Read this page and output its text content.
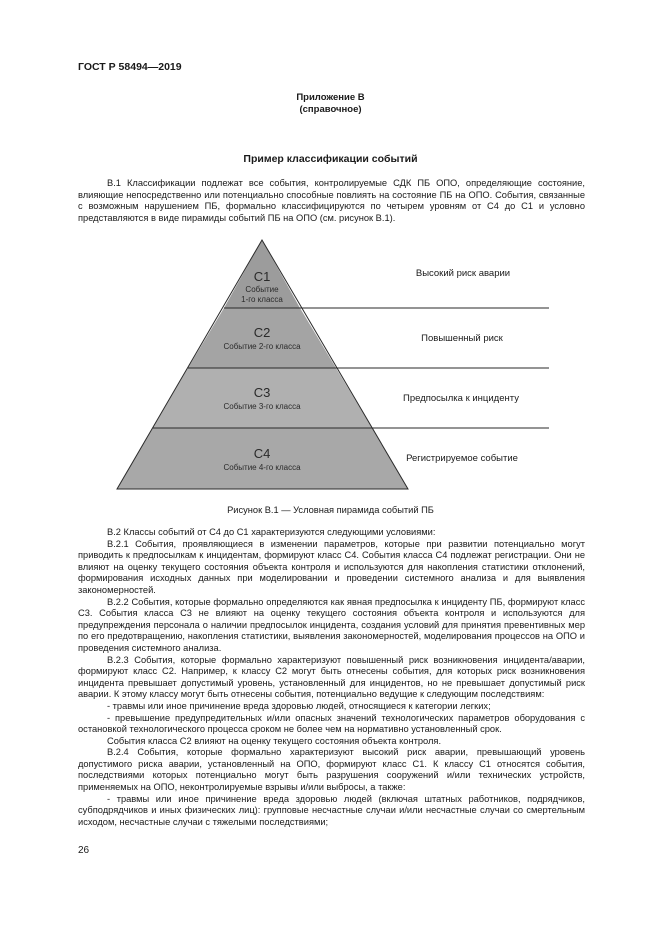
ГОСТ Р 58494—2019
Приложение В
(справочное)
Пример классификации событий

В.1 Классификации подлежат все события, контролируемые СДК ПБ ОПО, определяющие состояние, влияющие непосредственно или потенциально способные повлиять на состояние ПБ на ОПО. События, связанные с возможным нарушением ПБ, формально классифицируются по четырем уровням от С4 до С1 и условно представляются в виде пирамиды событий ПБ на ОПО (см. рисунок В.1).

С1
Событие
1-го класса
С2
Событие 2-го класса
С3
Событие 3-го класса
С4
Событие 4-го класса
Высокий риск аварии
Повышенный риск
Предпосылка к инциденту
Регистрируемое событие
Рисунок В.1 — Условная пирамида событий ПБ

В.2 Классы событий от С4 до С1 характеризуются следующими условиями:

В.2.1 События, проявляющиеся в изменении параметров, которые при развитии потенциально могут приводить к предпосылкам к инцидентам, формируют класс С4. События класса С4 подлежат регистрации. Они не влияют на оценку текущего состояния объекта контроля и используются для накопления статистики отклонений, формирования исходных данных при моделировании и проведении системного анализа и для выявления закономерностей.

В.2.2 События, которые формально определяются как явная предпосылка к инциденту ПБ, формируют класс С3. События класса С3 не влияют на оценку текущего состояния объекта контроля и используются для предупреждения персонала о наличии предпосылок инцидента, создания условий для принятия превентивных мер по его предотвращению, накопления статистики, выявления закономерностей, моделирования процессов на ОПО и проведения системного анализа.

В.2.3 События, которые формально характеризуют повышенный риск возникновения инцидента/аварии, формируют класс С2. Например, к классу С2 могут быть отнесены события, для которых риск возникновения инцидента превышает допустимый уровень, установленный для инцидентов, но не превышает допустимый риск аварии. К этому классу могут быть отнесены события, потенциально ведущие к следующим последствиям:

- травмы или иное причинение вреда здоровью людей, относящиеся к категории легких;

- превышение предупредительных и/или опасных значений технологических параметров оборудования с остановкой технологического процесса сроком не более чем на нормативно установленный срок.

События класса С2 влияют на оценку текущего состояния объекта контроля.

В.2.4 События, которые формально характеризуют высокий риск аварии, превышающий уровень допустимого риска аварии, установленный на ОПО, формируют класс С1. К классу С1 относятся события, последствиями которых потенциально могут быть разрушения сооружений и/или технических устройств, применяемых на ОПО, неконтролируемые взрывы и/или выбросы, а также:

- травмы или иное причинение вреда здоровью людей (включая штатных работников, подрядчиков, субподрядчиков и иных физических лиц): групповые несчастные случаи и/или несчастные случаи со смертельным исходом, несчастные случаи с тяжелыми последствиями;

26
